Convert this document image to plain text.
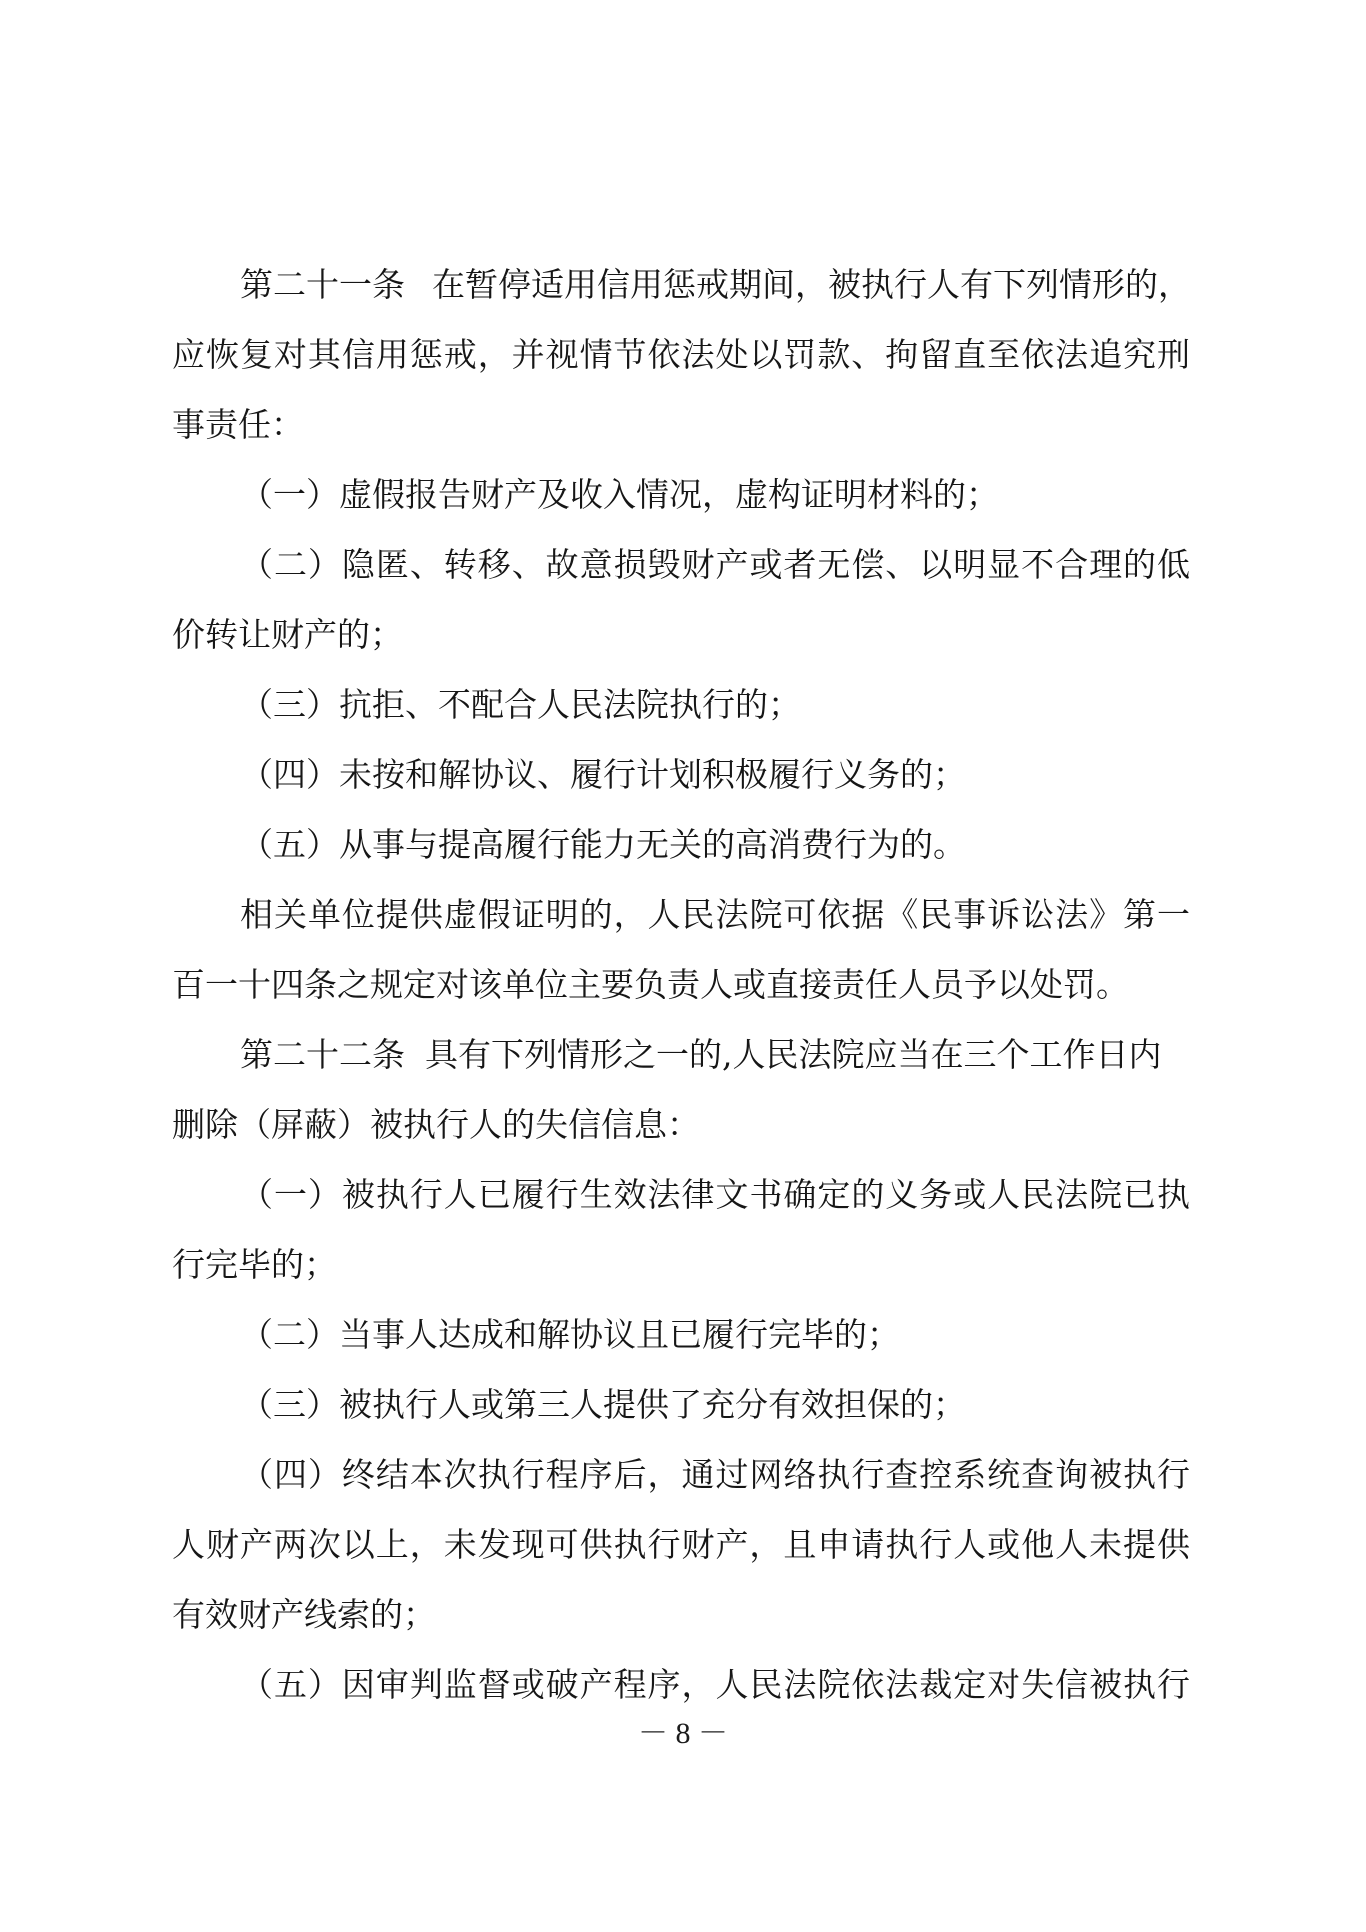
第二十一条 在暂停适用信用惩戒期间，被执行人有下列情形的，
应恢复对其信用惩戒，并视情节依法处以罚款、拘留直至依法追究刑
事责任：
（一）虚假报告财产及收入情况，虚构证明材料的；
（二）隐匿、转移、故意损毁财产或者无偿、以明显不合理的低
价转让财产的；
（三）抗拒、不配合人民法院执行的；
（四）未按和解协议、履行计划积极履行义务的；
（五）从事与提高履行能力无关的高消费行为的。
相关单位提供虚假证明的，人民法院可依据《民事诉讼法》第一
百一十四条之规定对该单位主要负责人或直接责任人员予以处罚。
第二十二条 具有下列情形之一的,人民法院应当在三个工作日内
删除（屏蔽）被执行人的失信信息：
（一）被执行人已履行生效法律文书确定的义务或人民法院已执
行完毕的；
（二）当事人达成和解协议且已履行完毕的；
（三）被执行人或第三人提供了充分有效担保的；
（四）终结本次执行程序后，通过网络执行查控系统查询被执行
人财产两次以上，未发现可供执行财产，且申请执行人或他人未提供
有效财产线索的；
（五）因审判监督或破产程序，人民法院依法裁定对失信被执行
－ 8 －
